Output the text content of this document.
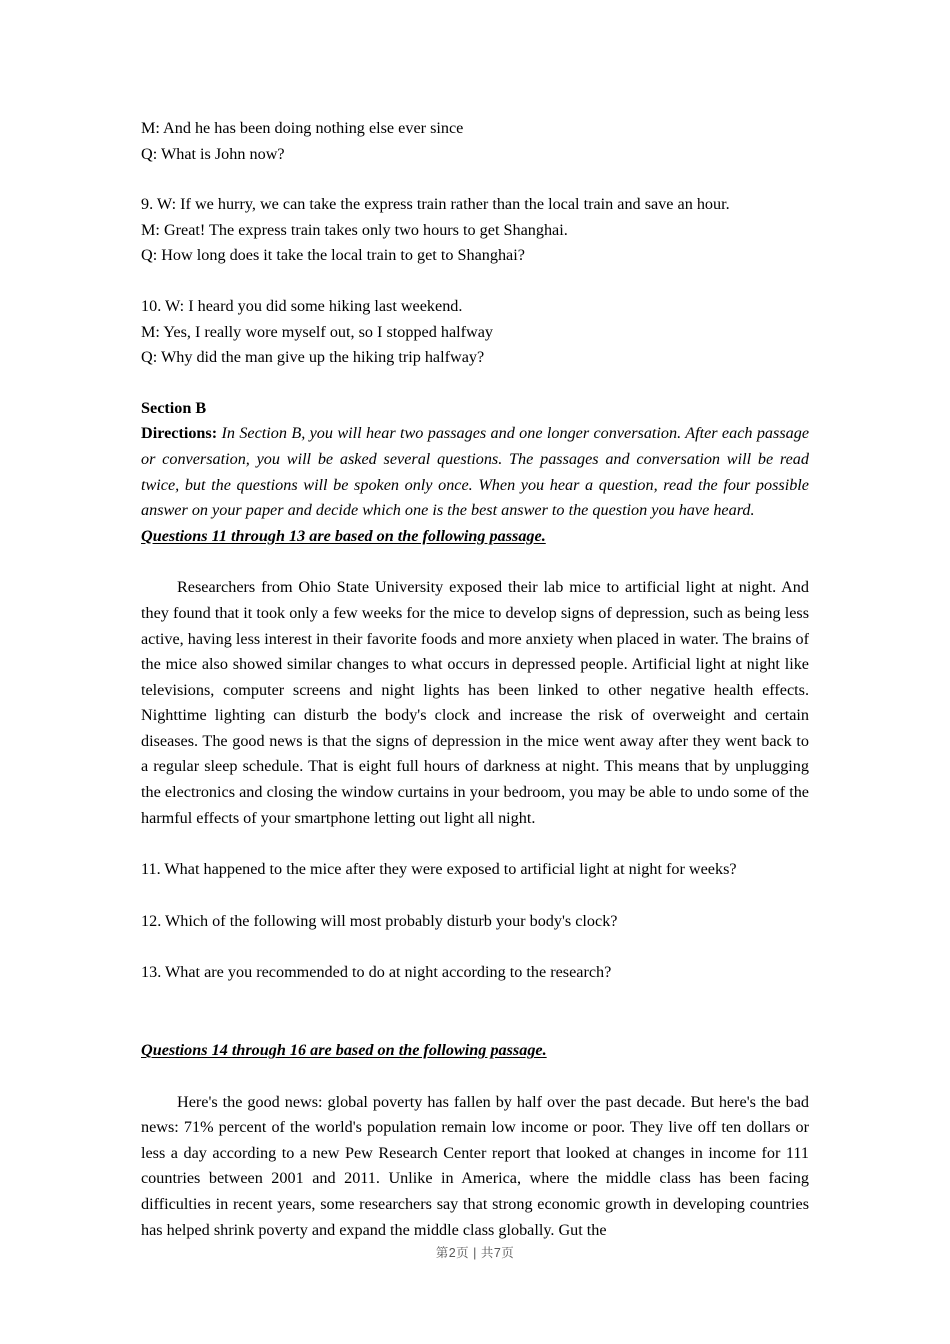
M: And he has been doing nothing else ever since

Q: What is John now?

9. W: If we hurry, we can take the express train rather than the local train and save an hour.

M: Great! The express train takes only two hours to get Shanghai.

Q: How long does it take the local train to get to Shanghai?

10. W: I heard you did some hiking last weekend.

M: Yes, I really wore myself out, so I stopped halfway

Q: Why did the man give up the hiking trip halfway?

Section B

Directions: In Section B, you will hear two passages and one longer conversation. After each passage or conversation, you will be asked several questions. The passages and conversation will be read twice, but the questions will be spoken only once. When you hear a question, read the four possible answer on your paper and decide which one is the best answer to the question you have heard.

Questions 11 through 13 are based on the following passage.

Researchers from Ohio State University exposed their lab mice to artificial light at night. And they found that it took only a few weeks for the mice to develop signs of depression, such as being less active, having less interest in their favorite foods and more anxiety when placed in water. The brains of the mice also showed similar changes to what occurs in depressed people. Artificial light at night like televisions, computer screens and night lights has been linked to other negative health effects. Nighttime lighting can disturb the body's clock and increase the risk of overweight and certain diseases. The good news is that the signs of depression in the mice went away after they went back to a regular sleep schedule. That is eight full hours of darkness at night. This means that by unplugging the electronics and closing the window curtains in your bedroom, you may be able to undo some of the harmful effects of your smartphone letting out light all night.

11. What happened to the mice after they were exposed to artificial light at night for weeks?

12. Which of the following will most probably disturb your body's clock?

13. What are you recommended to do at night according to the research?

Questions 14 through 16 are based on the following passage.

Here's the good news: global poverty has fallen by half over the past decade. But here's the bad news: 71% percent of the world's population remain low income or poor. They live off ten dollars or less a day according to a new Pew Research Center report that looked at changes in income for 111 countries between 2001 and 2011. Unlike in America, where the middle class has been facing difficulties in recent years, some researchers say that strong economic growth in developing countries has helped shrink poverty and expand the middle class globally. Gut the

第2页 | 共7页
